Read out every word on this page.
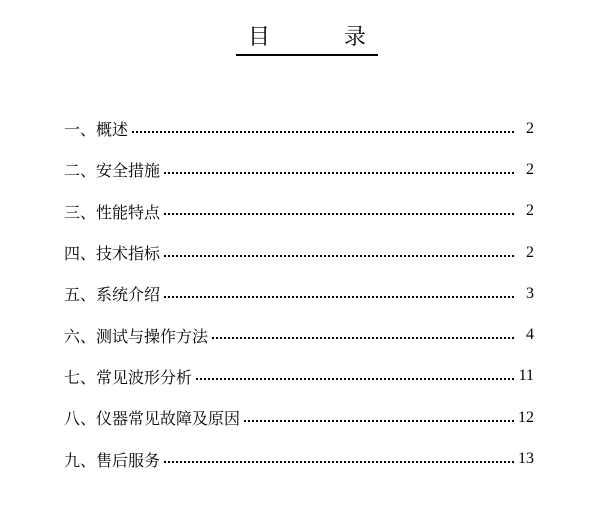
目	录
一 、 概述	2
二 、 安全措施	2
三 、 性能特点	2
四 、 技术指标	2
五 、 系统介绍	3
六 、 测试与操作方法	4
七 、 常见波形分析	11
八 、 仪器常见故障及原因	12
九 、 售后服务	13
